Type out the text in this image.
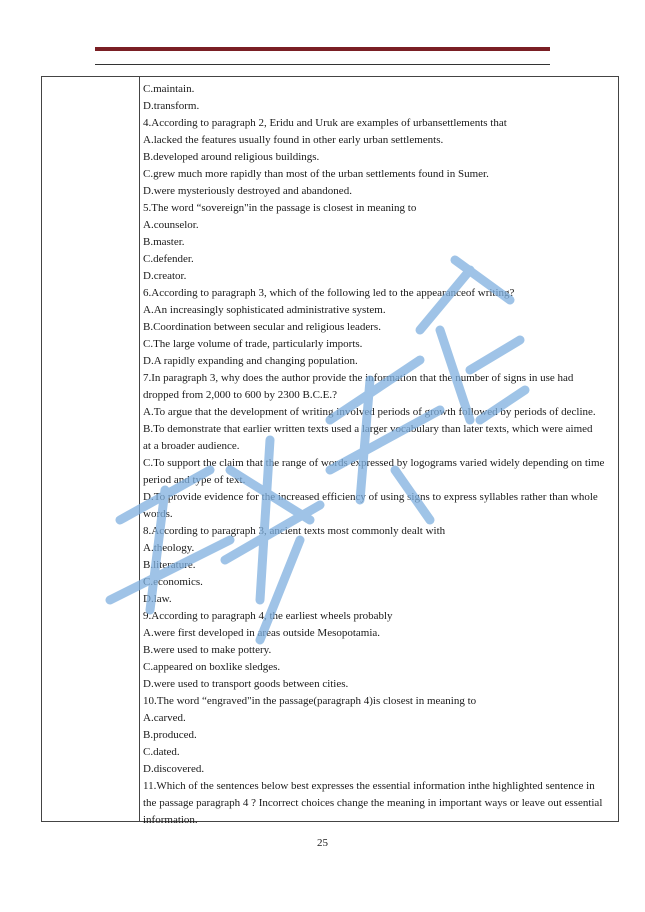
C.maintain.
D.transform.
4.According to paragraph 2, Eridu and Uruk are examples of urbansettlements that
A.lacked the features usually found in other early urban settlements.
B.developed around religious buildings.
C.grew much more rapidly than most of the urban settlements found in Sumer.
D.were mysteriously destroyed and abandoned.
5.The word “sovereign"in the passage is closest in meaning to
A.counselor.
B.master.
C.defender.
D.creator.
6.According to paragraph 3, which of the following led to the appearanceof writing?
A.An increasingly sophisticated administrative system.
B.Coordination between secular and religious leaders.
C.The large volume of trade, particularly imports.
D.A rapidly expanding and changing population.
7.In paragraph 3, why does the author provide the information that the number of signs in use had
dropped from 2,000 to 600 by 2300 B.C.E.?
A.To argue that the development of writing involved periods of growth followed by periods of decline.
B.To demonstrate that earlier written texts used a larger vocabulary than later texts, which were aimed
at a broader audience.
C.To support the claim that the range of words expressed by logograms varied widely depending on time
period and type of text.
D.To provide evidence for the increased efficiency of using signs to express syllables rather than whole
words.
8.According to paragraph 3, ancient texts most commonly dealt with
A.theology.
B.literature.
C.economics.
D.law.
9.According to paragraph 4, the earliest wheels probably
A.were first developed in areas outside Mesopotamia.
B.were used to make pottery.
C.appeared on boxlike sledges.
D.were used to transport goods between cities.
10.The word “engraved"in the passage(paragraph 4)is closest in meaning to
A.carved.
B.produced.
C.dated.
D.discovered.
11.Which of the sentences below best expresses the essential information inthe highlighted sentence in
the passage paragraph 4 ? Incorrect choices change the meaning in important ways or leave out essential
information.
25
